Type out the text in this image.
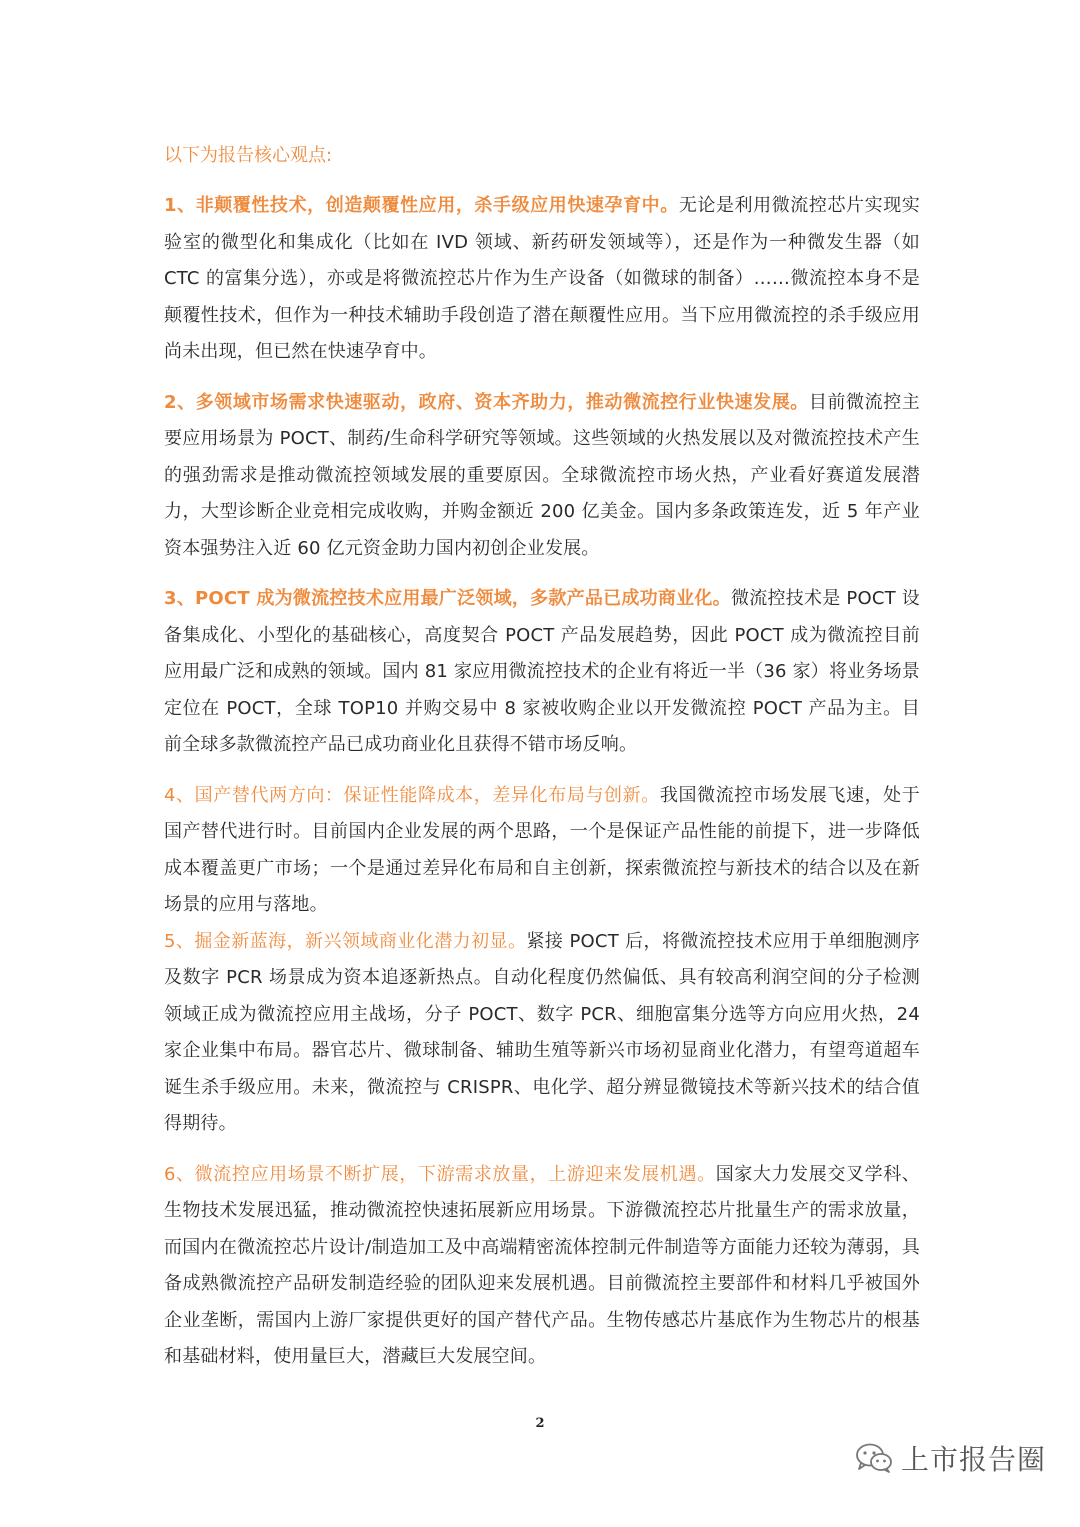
以下为报告核心观点:

1、非颠覆性技术，创造颠覆性应用，杀手级应用快速孕育中。无论是利用微流控芯片实现实验室的微型化和集成化（比如在 IVD 领域、新药研发领域等），还是作为一种微发生器（如 CTC 的富集分选），亦或是将微流控芯片作为生产设备（如微球的制备）……微流控本身不是颠覆性技术，但作为一种技术辅助手段创造了潜在颠覆性应用。当下应用微流控的杀手级应用尚未出现，但已然在快速孕育中。

2、多领域市场需求快速驱动，政府、资本齐助力，推动微流控行业快速发展。目前微流控主要应用场景为 POCT、制药/生命科学研究等领域。这些领域的火热发展以及对微流控技术产生的强劲需求是推动微流控领域发展的重要原因。全球微流控市场火热，产业看好赛道发展潜力，大型诊断企业竞相完成收购，并购金额近 200 亿美金。国内多条政策连发，近 5 年产业资本强势注入近 60 亿元资金助力国内初创企业发展。

3、POCT 成为微流控技术应用最广泛领域，多款产品已成功商业化。微流控技术是 POCT 设备集成化、小型化的基础核心，高度契合 POCT 产品发展趋势，因此 POCT 成为微流控目前应用最广泛和成熟的领域。国内 81 家应用微流控技术的企业有将近一半（36 家）将业务场景定位在 POCT，全球 TOP10 并购交易中 8 家被收购企业以开发微流控 POCT 产品为主。目前全球多款微流控产品已成功商业化且获得不错市场反响。

4、国产替代两方向：保证性能降成本，差异化布局与创新。我国微流控市场发展飞速，处于国产替代进行时。目前国内企业发展的两个思路，一个是保证产品性能的前提下，进一步降低成本覆盖更广市场；一个是通过差异化布局和自主创新，探索微流控与新技术的结合以及在新场景的应用与落地。

5、掘金新蓝海，新兴领域商业化潜力初显。紧接 POCT 后，将微流控技术应用于单细胞测序及数字 PCR 场景成为资本追逐新热点。自动化程度仍然偏低、具有较高利润空间的分子检测领域正成为微流控应用主战场，分子 POCT、数字 PCR、细胞富集分选等方向应用火热，24 家企业集中布局。器官芯片、微球制备、辅助生殖等新兴市场初显商业化潜力，有望弯道超车诞生杀手级应用。未来，微流控与 CRISPR、电化学、超分辨显微镜技术等新兴技术的结合值得期待。

6、微流控应用场景不断扩展，下游需求放量，上游迎来发展机遇。国家大力发展交叉学科、生物技术发展迅猛，推动微流控快速拓展新应用场景。下游微流控芯片批量生产的需求放量，而国内在微流控芯片设计/制造加工及中高端精密流体控制元件制造等方面能力还较为薄弱，具备成熟微流控产品研发制造经验的团队迎来发展机遇。目前微流控主要部件和材料几乎被国外企业垄断，需国内上游厂家提供更好的国产替代产品。生物传感芯片基底作为生物芯片的根基和基础材料，使用量巨大，潜藏巨大发展空间。

2
上市报告圈
